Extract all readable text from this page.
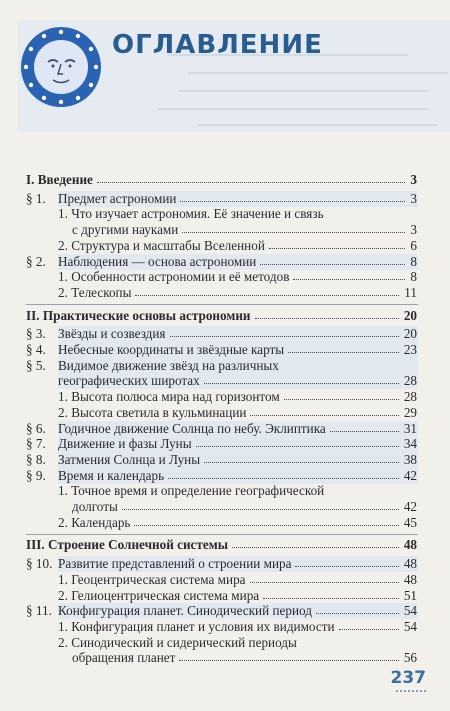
ОГЛАВЛЕНИЕ
I. Введение	3
§ 1. Предмет астрономии	3
1. Что изучает астрономия. Её значение и связь
с другими науками	3
2. Структура и масштабы Вселенной	6
§ 2. Наблюдения — основа астрономии	8
1. Особенности астрономии и её методов	8
2. Телескопы	11
II. Практические основы астрономии	20
§ 3. Звёзды и созвездия	20
§ 4. Небесные координаты и звёздные карты	23
§ 5. Видимое движение звёзд на различных
географических широтах	28
1. Высота полюса мира над горизонтом	28
2. Высота светила в кульминации	29
§ 6. Годичное движение Солнца по небу. Эклиптика	31
§ 7. Движение и фазы Луны	34
§ 8. Затмения Солнца и Луны	38
§ 9. Время и календарь	42
1. Точное время и определение географической
долготы	42
2. Календарь	45
III. Строение Солнечной системы	48
§ 10. Развитие представлений о строении мира	48
1. Геоцентрическая система мира	48
2. Гелиоцентрическая система мира	51
§ 11. Конфигурация планет. Синодический период	54
1. Конфигурация планет и условия их видимости	54
2. Синодический и сидерический периоды
обращения планет	56
237
